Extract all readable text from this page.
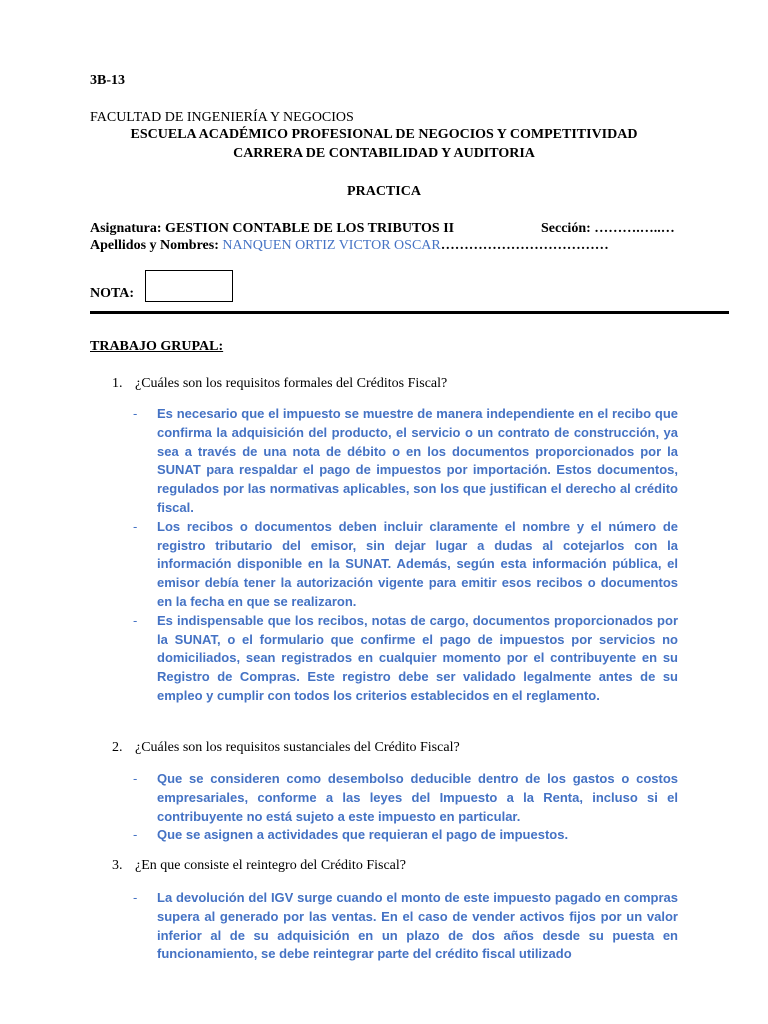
3B-13
FACULTAD DE INGENIERÍA Y NEGOCIOS
ESCUELA ACADÉMICO PROFESIONAL DE NEGOCIOS Y COMPETITIVIDAD
CARRERA DE CONTABILIDAD Y AUDITORIA
PRACTICA
Asignatura: GESTION CONTABLE DE LOS TRIBUTOS II	Sección: ……….…..…
Apellidos y Nombres: NANQUEN ORTIZ VICTOR OSCAR………………………………
NOTA:
TRABAJO GRUPAL:
1. ¿Cuáles son los requisitos formales del Créditos Fiscal?
- Es necesario que el impuesto se muestre de manera independiente en el recibo que confirma la adquisición del producto, el servicio o un contrato de construcción, ya sea a través de una nota de débito o en los documentos proporcionados por la SUNAT para respaldar el pago de impuestos por importación. Estos documentos, regulados por las normativas aplicables, son los que justifican el derecho al crédito fiscal.
- Los recibos o documentos deben incluir claramente el nombre y el número de registro tributario del emisor, sin dejar lugar a dudas al cotejarlos con la información disponible en la SUNAT. Además, según esta información pública, el emisor debía tener la autorización vigente para emitir esos recibos o documentos en la fecha en que se realizaron.
- Es indispensable que los recibos, notas de cargo, documentos proporcionados por la SUNAT, o el formulario que confirme el pago de impuestos por servicios no domiciliados, sean registrados en cualquier momento por el contribuyente en su Registro de Compras. Este registro debe ser validado legalmente antes de su empleo y cumplir con todos los criterios establecidos en el reglamento.
2. ¿Cuáles son los requisitos sustanciales del Crédito Fiscal?
- Que se consideren como desembolso deducible dentro de los gastos o costos empresariales, conforme a las leyes del Impuesto a la Renta, incluso si el contribuyente no está sujeto a este impuesto en particular.
- Que se asignen a actividades que requieran el pago de impuestos.
3. ¿En que consiste el reintegro del Crédito Fiscal?
- La devolución del IGV surge cuando el monto de este impuesto pagado en compras supera al generado por las ventas. En el caso de vender activos fijos por un valor inferior al de su adquisición en un plazo de dos años desde su puesta en funcionamiento, se debe reintegrar parte del crédito fiscal utilizado
